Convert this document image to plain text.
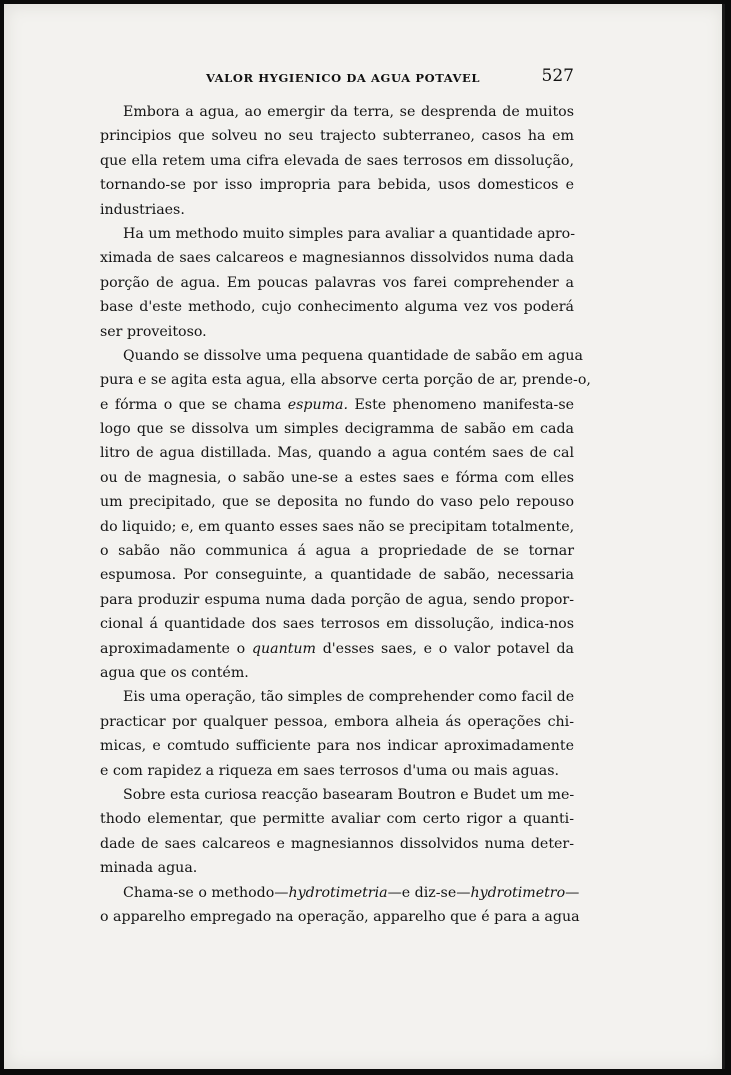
VALOR HYGIENICO DA AGUA POTAVEL	527
Embora a agua, ao emergir da terra, se desprenda de muitos
principios que solveu no seu trajecto subterraneo, casos ha em
que ella retem uma cifra elevada de saes terrosos em dissolução,
tornando-se por isso impropria para bebida, usos domesticos e
industriaes.
Ha um methodo muito simples para avaliar a quantidade apro-
ximada de saes calcareos e magnesiannos dissolvidos numa dada
porção de agua. Em poucas palavras vos farei comprehender a
base d'este methodo, cujo conhecimento alguma vez vos poderá
ser proveitoso.
Quando se dissolve uma pequena quantidade de sabão em agua
pura e se agita esta agua, ella absorve certa porção de ar, prende-o,
e fórma o que se chama espuma. Este phenomeno manifesta-se
logo que se dissolva um simples decigramma de sabão em cada
litro de agua distillada. Mas, quando a agua contém saes de cal
ou de magnesia, o sabão une-se a estes saes e fórma com elles
um precipitado, que se deposita no fundo do vaso pelo repouso
do liquido; e, em quanto esses saes não se precipitam totalmente,
o sabão não communica á agua a propriedade de se tornar
espumosa. Por conseguinte, a quantidade de sabão, necessaria
para produzir espuma numa dada porção de agua, sendo propor-
cional á quantidade dos saes terrosos em dissolução, indica-nos
aproximadamente o quantum d'esses saes, e o valor potavel da
agua que os contém.
Eis uma operação, tão simples de comprehender como facil de
practicar por qualquer pessoa, embora alheia ás operações chi-
micas, e comtudo sufficiente para nos indicar aproximadamente
e com rapidez a riqueza em saes terrosos d'uma ou mais aguas.
Sobre esta curiosa reacção basearam Boutron e Budet um me-
thodo elementar, que permitte avaliar com certo rigor a quanti-
dade de saes calcareos e magnesiannos dissolvidos numa deter-
minada agua.
Chama-se o methodo—hydrotimetria—e diz-se—hydrotimetro—
o apparelho empregado na operação, apparelho que é para a agua
